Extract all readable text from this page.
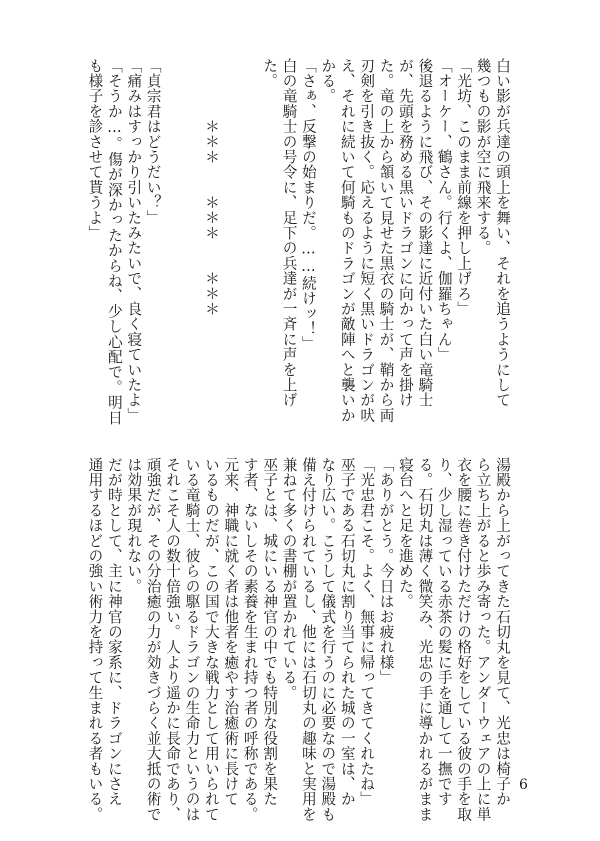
白い影が兵達の頭上を舞い、それを追うようにして
幾つもの影が空に飛来する。
「光坊、このまま前線を押し上げろ」
「オーケー、鶴さん。行くよ、伽羅ちゃん」
後退るように飛び、その影達に近付いた白い竜騎士
が、先頭を務める黒いドラゴンに向かって声を掛け
た。竜の上から頷いて見せた黒衣の騎士が、鞘から両
刃剣を引き抜く。応えるように短く黒いドラゴンが吠
え、それに続いて何騎ものドラゴンが敵陣へと襲いか
かる。
「さぁ、反撃の始まりだ。……続けッ！」
白の竜騎士の号令に、足下の兵達が一斉に声を上げ
た。

　　　　＊＊＊　　＊＊＊　　＊＊＊

「貞宗君はどうだい？」
「痛みはすっかり引いたみたいで、良く寝ていたよ」
「そうか…。傷が深かったからね、少し心配で。明日
も様子を診させて貰うよ」
湯殿から上がってきた石切丸を見て、光忠は椅子か
ら立ち上がると歩み寄った。アンダーウェアの上に単
衣を腰に巻き付けただけの格好をしている彼の手を取
り、少し湿っている赤茶の髪に手を通して一撫です
る。石切丸は薄く微笑み、光忠の手に導かれるがまま
寝台へと足を進めた。
「ありがとう。今日はお疲れ様」
「光忠君こそ。よく、無事に帰ってきてくれたね」
巫子である石切丸に割り当てられた城の一室は、か
なり広い。こうして儀式を行うのに必要なので湯殿も
備え付けられているし、他には石切丸の趣味と実用を
兼ねて多くの書棚が置かれている。
巫子とは、城にいる神官の中でも特別な役割を果た
す者、ないしその素養を生まれ持つ者の呼称である。
元来、神職に就く者は他者を癒やす治癒術に長けて
いるものだが、この国で大きな戦力として用いられて
いる竜騎士、彼らの駆るドラゴンの生命力というのは
それこそ人の数十倍強い。人より遥かに長命であり、
頑強だが、その分治癒の力が効きづらく並大抵の術で
は効果が現れない。
だが時として、主に神官の家系に、ドラゴンにさえ
通用するほどの強い術力を持って生まれる者もいる。	6
